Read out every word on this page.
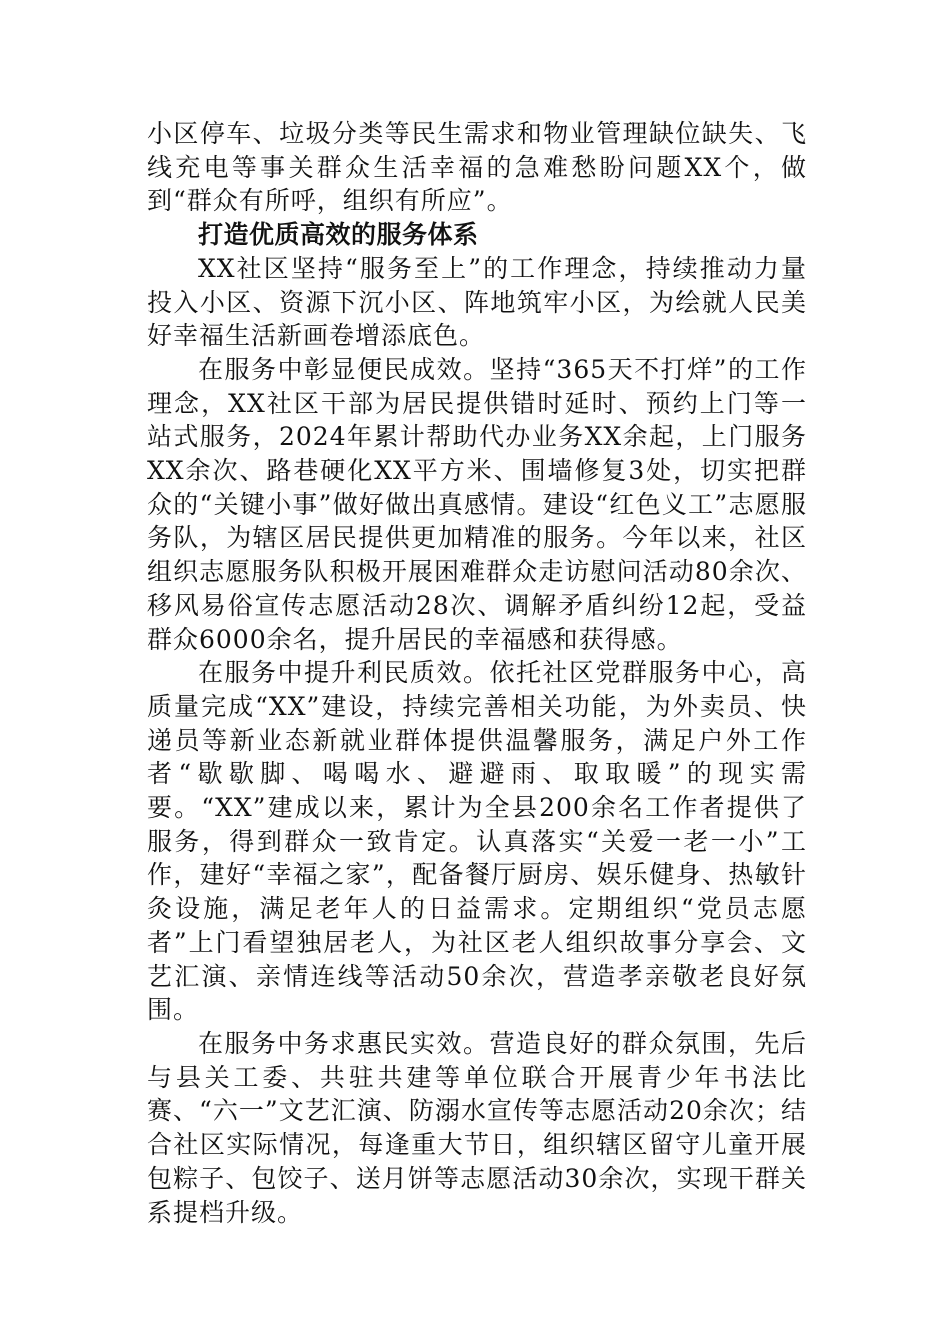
小区停车、垃圾分类等民生需求和物业管理缺位缺失、飞线充电等事关群众生活幸福的急难愁盼问题XX个，做到“群众有所呼，组织有所应”。

打造优质高效的服务体系

XX社区坚持“服务至上”的工作理念，持续推动力量投入小区、资源下沉小区、阵地筑牢小区，为绘就人民美好幸福生活新画卷增添底色。

在服务中彰显便民成效。坚持“365天不打烊”的工作理念，XX社区干部为居民提供错时延时、预约上门等一站式服务，2024年累计帮助代办业务XX余起，上门服务XX余次、路巷硬化XX平方米、围墙修复3处，切实把群众的“关键小事”做好做出真感情。建设“红色义工”志愿服务队，为辖区居民提供更加精准的服务。今年以来，社区组织志愿服务队积极开展困难群众走访慰问活动80余次、移风易俗宣传志愿活动28次、调解矛盾纠纷12起，受益群众6000余名，提升居民的幸福感和获得感。

在服务中提升利民质效。依托社区党群服务中心，高质量完成“XX”建设，持续完善相关功能，为外卖员、快递员等新业态新就业群体提供温馨服务，满足户外工作者“歇歇脚、喝喝水、避避雨、取取暖”的现实需要。“XX”建成以来，累计为全县200余名工作者提供了服务，得到群众一致肯定。认真落实“关爱一老一小”工作，建好“幸福之家”，配备餐厅厨房、娱乐健身、热敏针灸设施，满足老年人的日益需求。定期组织“党员志愿者”上门看望独居老人，为社区老人组织故事分享会、文艺汇演、亲情连线等活动50余次，营造孝亲敬老良好氛围。

在服务中务求惠民实效。营造良好的群众氛围，先后与县关工委、共驻共建等单位联合开展青少年书法比赛、“六一”文艺汇演、防溺水宣传等志愿活动20余次；结合社区实际情况，每逢重大节日，组织辖区留守儿童开展包粽子、包饺子、送月饼等志愿活动30余次，实现干群关系提档升级。
